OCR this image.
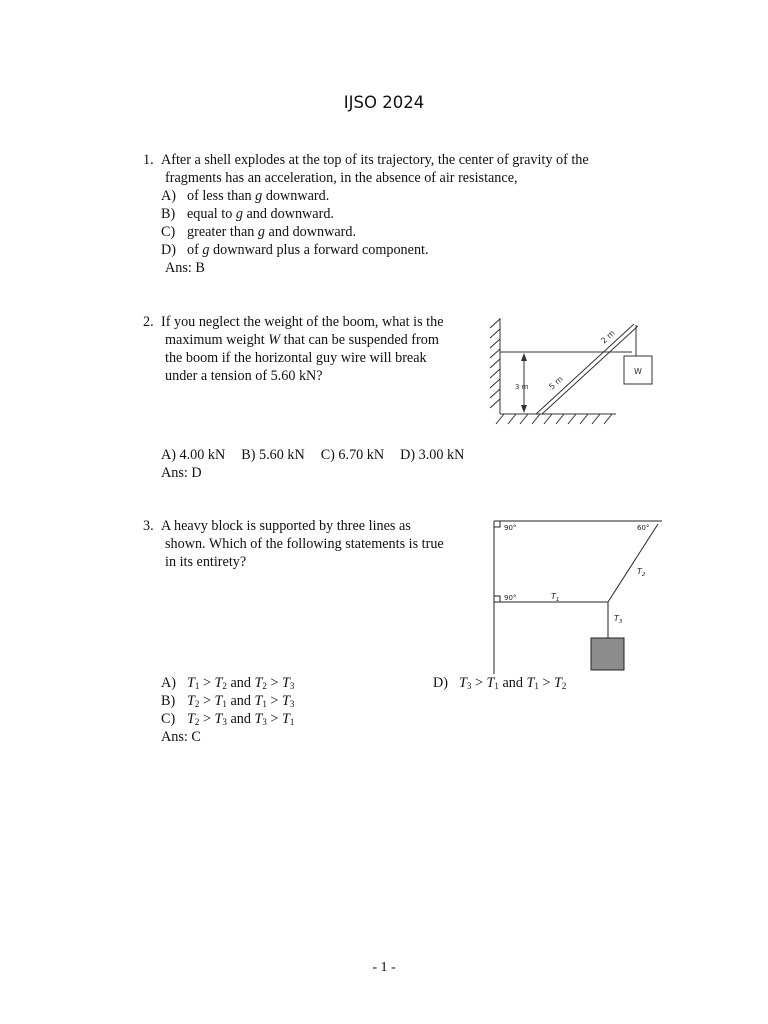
IJSO 2024
1. After a shell explodes at the top of its trajectory, the center of gravity of the
fragments has an acceleration, in the absence of air resistance,
A) of less than g downward.
B) equal to g and downward.
C) greater than g and downward.
D) of g downward plus a forward component.
Ans: B
2. If you neglect the weight of the boom, what is the
maximum weight W that can be suspended from
the boom if the horizontal guy wire will break
under a tension of 5.60 kN?
3 m 5 m
2 m
W
A) 4.00 kN B) 5.60 kN C) 6.70 kN D) 3.00 kN
Ans: D
3. A heavy block is supported by three lines as
shown. Which of the following statements is true
in its entirety?
90°	60°
90°	$T_1$
$T_2$
$T_3$
A) $T_1 > T_2$ and $T_2 > T_3$
B) $T_2 > T_1$ and $T_1 > T_3$
C) $T_2 > T_3$ and $T_3 > T_1$
Ans: C
D) $T_3 > T_1$ and $T_1 > T_2$
- 1 -
